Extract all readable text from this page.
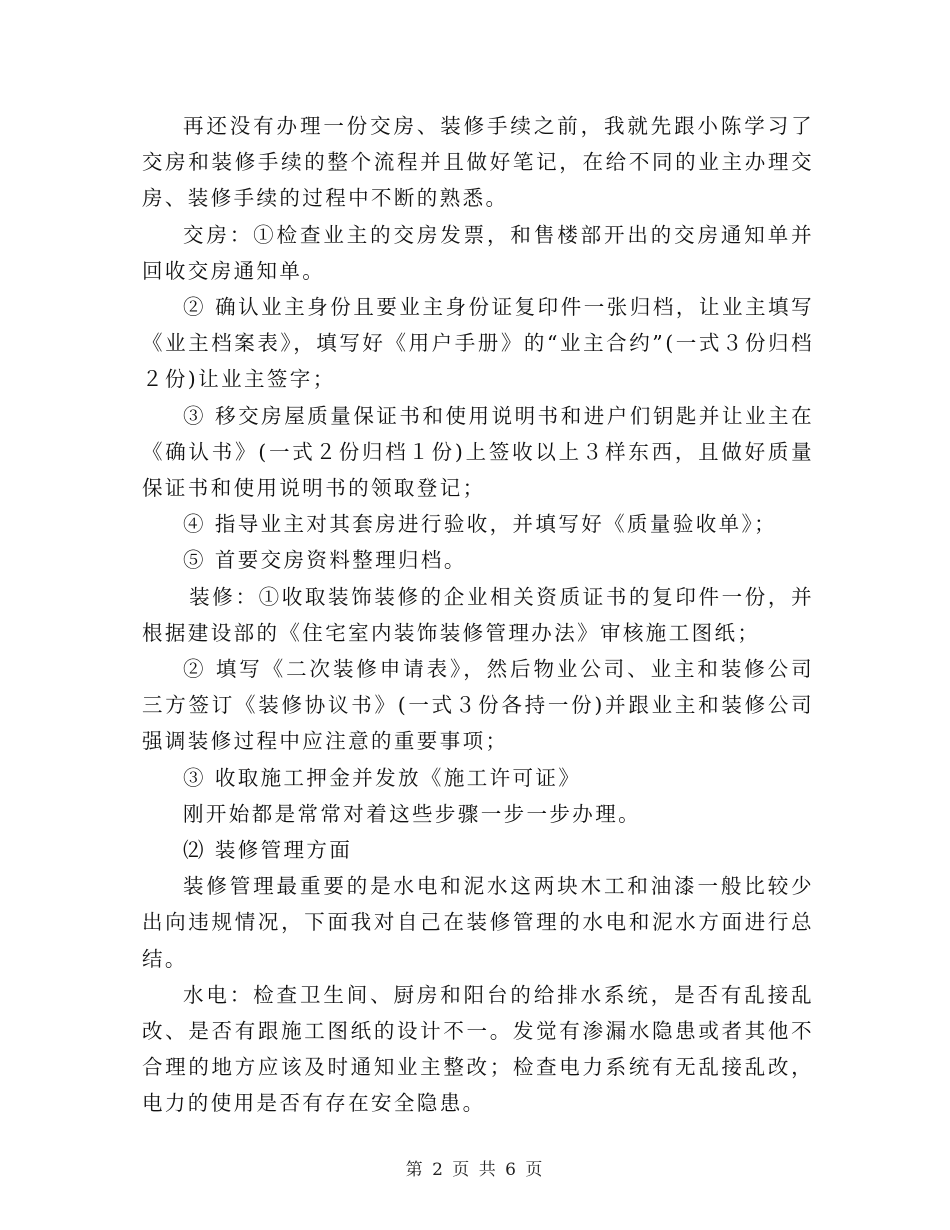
再还没有办理一份交房、装修手续之前，我就先跟小陈学习了交房和装修手续的整个流程并且做好笔记，在给不同的业主办理交房、装修手续的过程中不断的熟悉。

交房：①检查业主的交房发票，和售楼部开出的交房通知单并回收交房通知单。

② 确认业主身份且要业主身份证复印件一张归档，让业主填写《业主档案表》，填写好《用户手册》的“业主合约”(一式３份归档２份)让业主签字；

③ 移交房屋质量保证书和使用说明书和进户们钥匙并让业主在《确认书》(一式２份归档１份)上签收以上３样东西，且做好质量保证书和使用说明书的领取登记；

④ 指导业主对其套房进行验收，并填写好《质量验收单》；

⑤ 首要交房资料整理归档。

装修：①收取装饰装修的企业相关资质证书的复印件一份，并根据建设部的《住宅室内装饰装修管理办法》审核施工图纸；

② 填写《二次装修申请表》，然后物业公司、业主和装修公司三方签订《装修协议书》(一式３份各持一份)并跟业主和装修公司强调装修过程中应注意的重要事项；

③ 收取施工押金并发放《施工许可证》

刚开始都是常常对着这些步骤一步一步办理。

⑵ 装修管理方面

装修管理最重要的是水电和泥水这两块木工和油漆一般比较少出向违规情况，下面我对自己在装修管理的水电和泥水方面进行总结。

水电：检查卫生间、厨房和阳台的给排水系统，是否有乱接乱改、是否有跟施工图纸的设计不一。发觉有渗漏水隐患或者其他不合理的地方应该及时通知业主整改；检查电力系统有无乱接乱改，电力的使用是否有存在安全隐患。

第 2 页 共 6 页
